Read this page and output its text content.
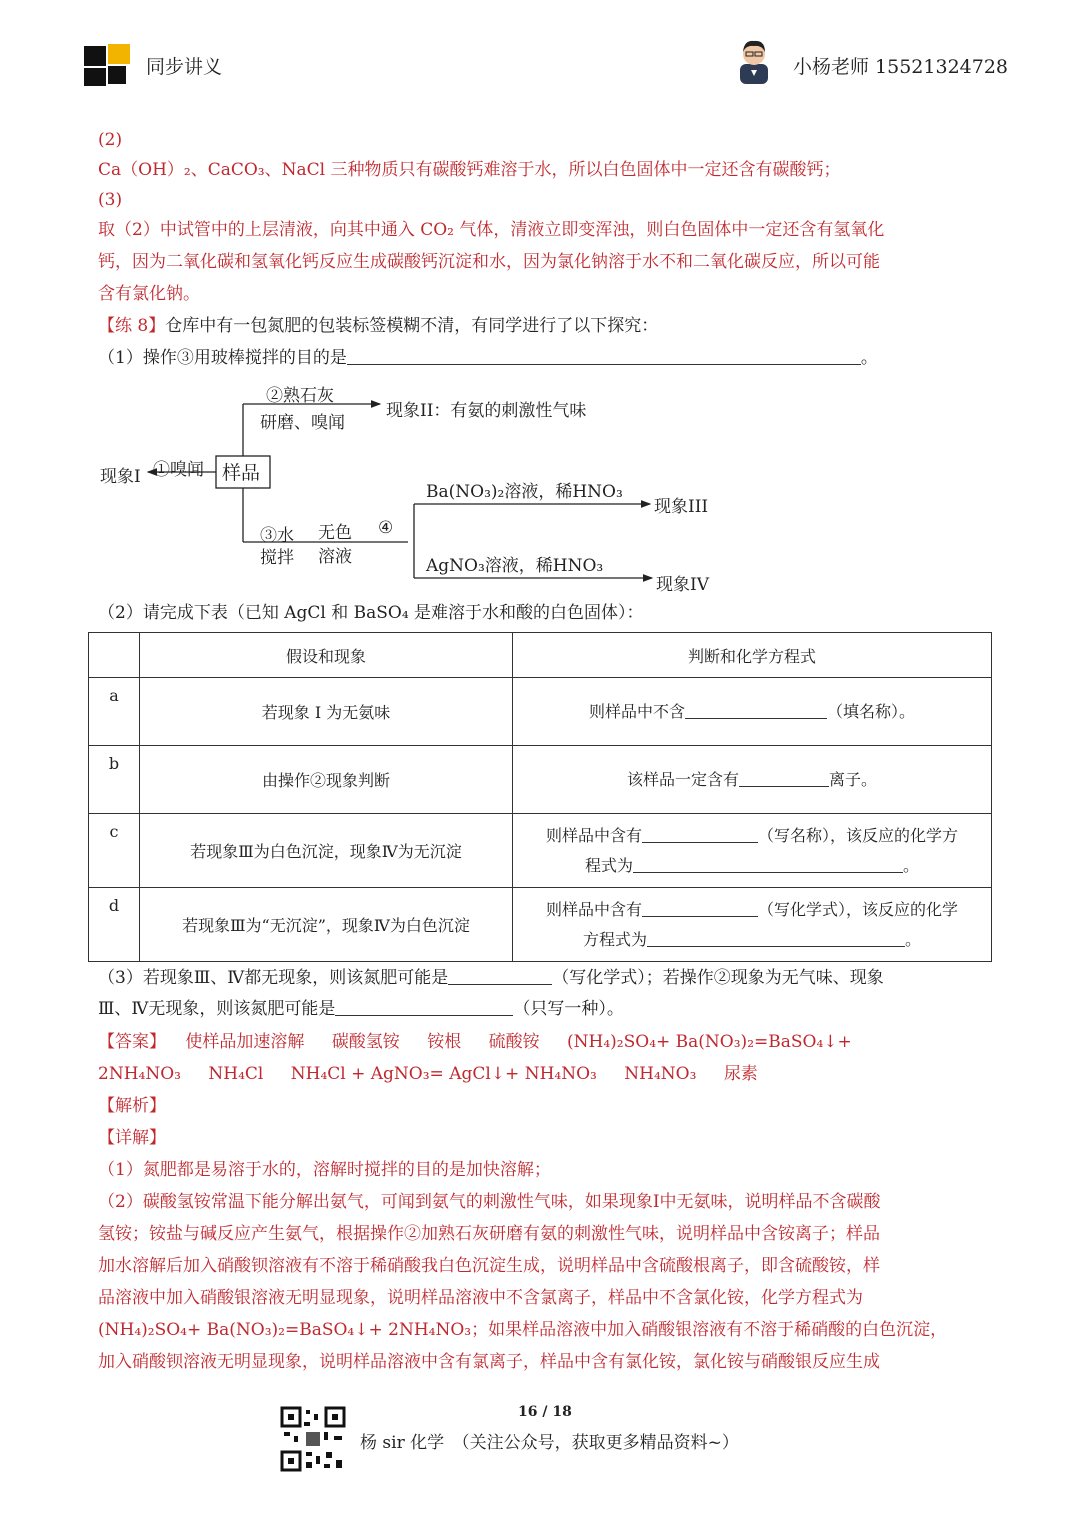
同步讲义	小杨老师 15521324728
(2)
Ca（OH）₂、CaCO₃、NaCl 三种物质只有碳酸钙难溶于水，所以白色固体中一定还含有碳酸钙；
(3)
取（2）中试管中的上层清液，向其中通入 CO₂ 气体，清液立即变浑浊，则白色固体中一定还含有氢氧化
钙，因为二氧化碳和氢氧化钙反应生成碳酸钙沉淀和水，因为氯化钠溶于水不和二氧化碳反应，所以可能
含有氯化钠。
【练 8】仓库中有一包氮肥的包装标签模糊不清，有同学进行了以下探究：
（1）操作③用玻棒搅拌的目的是	。
样品
①嗅闻
现象I
②熟石灰
研磨、嗅闻
现象II：有氨的刺激性气味
③水
搅拌
无色
溶液
④
Ba(NO₃)₂溶液，稀HNO₃
现象III
AgNO₃溶液，稀HNO₃
现象IV
（2）请完成下表（已知 AgCl 和 BaSO₄ 是难溶于水和酸的白色固体）：
	假设和现象	判断和化学方程式
a	若现象 I 为无氨味	则样品中不含 （填名称）。
b	由操作②现象判断	该样品一定含有 离子。
c	若现象Ⅲ为白色沉淀，现象Ⅳ为无沉淀	则样品中含有 （写名称），该反应的化学方
程式为 。

d	若现象Ⅲ为“无沉淀”，现象Ⅳ为白色沉淀	则样品中含有 （写化学式），该反应的化学
方程式为 。
（3）若现象Ⅲ、Ⅳ都无现象，则该氮肥可能是	（写化学式）；若操作②现象为无气味、现象
Ⅲ、Ⅳ无现象，则该氮肥可能是	（只写一种）。
【答案】 使样品加速溶解 碳酸氢铵 铵根 硫酸铵 (NH₄)₂SO₄+ Ba(NO₃)₂=BaSO₄↓+
2NH₄NO₃ NH₄Cl NH₄Cl + AgNO₃= AgCl↓+ NH₄NO₃ NH₄NO₃ 尿素
【解析】
【详解】
（1）氮肥都是易溶于水的，溶解时搅拌的目的是加快溶解；
（2）碳酸氢铵常温下能分解出氨气，可闻到氨气的刺激性气味，如果现象I中无氨味，说明样品不含碳酸
氢铵；铵盐与碱反应产生氨气，根据操作②加熟石灰研磨有氨的刺激性气味，说明样品中含铵离子；样品
加水溶解后加入硝酸钡溶液有不溶于稀硝酸我白色沉淀生成，说明样品中含硫酸根离子，即含硫酸铵，样
品溶液中加入硝酸银溶液无明显现象，说明样品溶液中不含氯离子，样品中不含氯化铵，化学方程式为
(NH₄)₂SO₄+ Ba(NO₃)₂=BaSO₄↓+ 2NH₄NO₃；如果样品溶液中加入硝酸银溶液有不溶于稀硝酸的白色沉淀，
加入硝酸钡溶液无明显现象，说明样品溶液中含有氯离子，样品中含有氯化铵，氯化铵与硝酸银反应生成
16 / 18
杨 sir 化学　（关注公众号，获取更多精品资料~）
